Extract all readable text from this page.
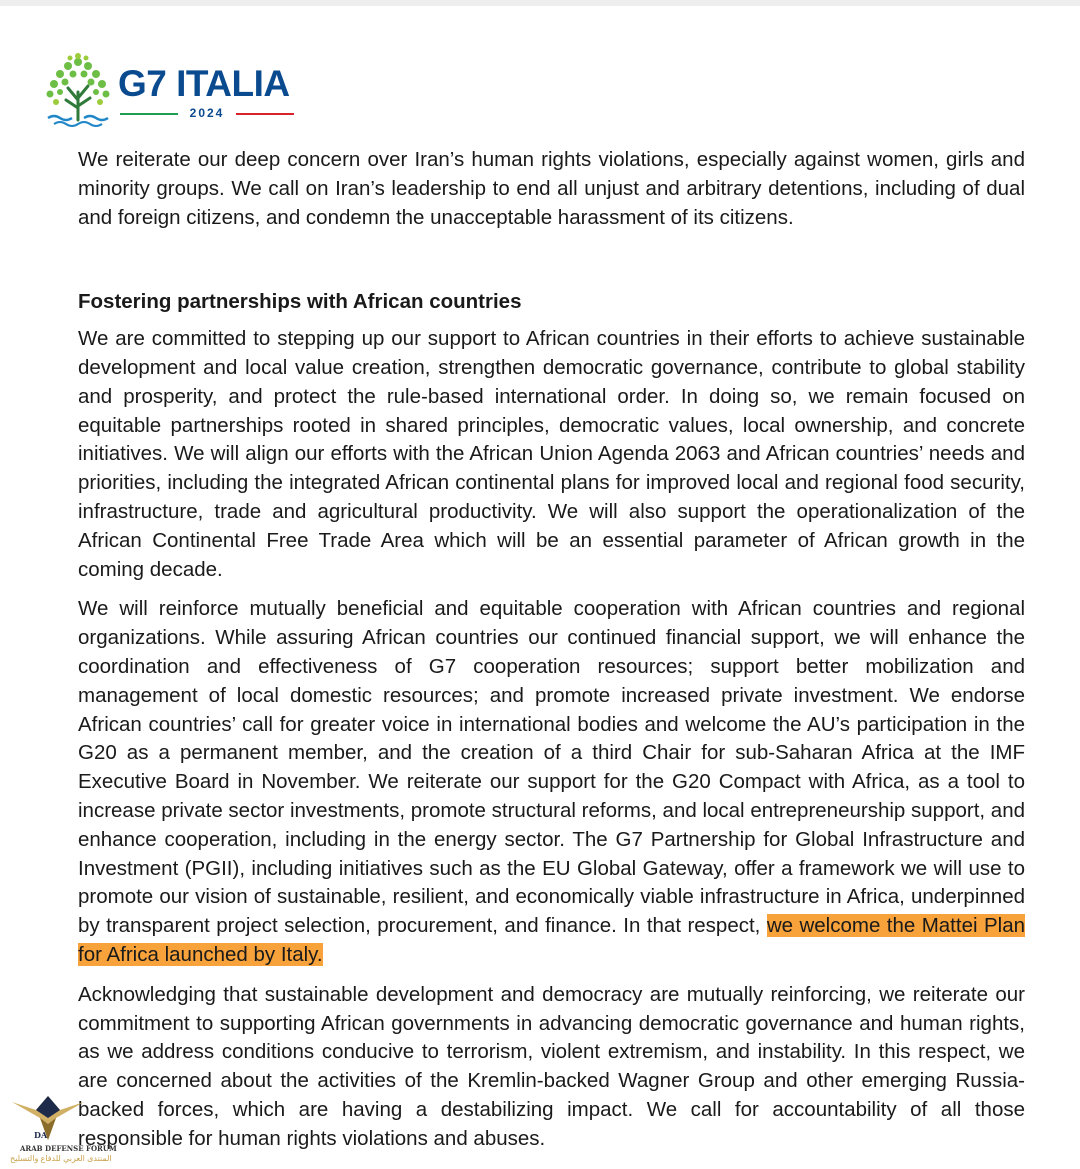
G7 ITALIA
2024

We reiterate our deep concern over Iran’s human rights violations, especially against women, girls and minority groups. We call on Iran’s leadership to end all unjust and arbitrary detentions, including of dual and foreign citizens, and condemn the unacceptable harassment of its citizens.

Fostering partnerships with African countries

We are committed to stepping up our support to African countries in their efforts to achieve sustainable development and local value creation, strengthen democratic governance, contribute to global stability and prosperity, and protect the rule-based international order. In doing so, we remain focused on equitable partnerships rooted in shared principles, democratic values, local ownership, and concrete initiatives. We will align our efforts with the African Union Agenda 2063 and African countries’ needs and priorities, including the integrated African continental plans for improved local and regional food security, infrastructure, trade and agricultural productivity. We will also support the operationalization of the African Continental Free Trade Area which will be an essential parameter of African growth in the coming decade.

We will reinforce mutually beneficial and equitable cooperation with African countries and regional organizations. While assuring African countries our continued financial support, we will enhance the coordination and effectiveness of G7 cooperation resources; support better mobilization and management of local domestic resources; and promote increased private investment. We endorse African countries’ call for greater voice in international bodies and welcome the AU’s participation in the G20 as a permanent member, and the creation of a third Chair for sub-Saharan Africa at the IMF Executive Board in November. We reiterate our support for the G20 Compact with Africa, as a tool to increase private sector investments, promote structural reforms, and local entrepreneurship support, and enhance cooperation, including in the energy sector. The G7 Partnership for Global Infrastructure and Investment (PGII), including initiatives such as the EU Global Gateway, offer a framework we will use to promote our vision of sustainable, resilient, and economically viable infrastructure in Africa, underpinned by transparent project selection, procurement, and finance. In that respect, we welcome the Mattei Plan for Africa launched by Italy.

Acknowledging that sustainable development and democracy are mutually reinforcing, we reiterate our commitment to supporting African governments in advancing democratic governance and human rights, as we address conditions conducive to terrorism, violent extremism, and instability. In this respect, we are concerned about the activities of the Kremlin-backed Wagner Group and other emerging Russia-backed forces, which are having a destabilizing impact. We call for accountability of all those responsible for human rights violations and abuses.

DA
ARAB DEFENSE FORUM
المنتدى العربي للدفاع والتسليح
